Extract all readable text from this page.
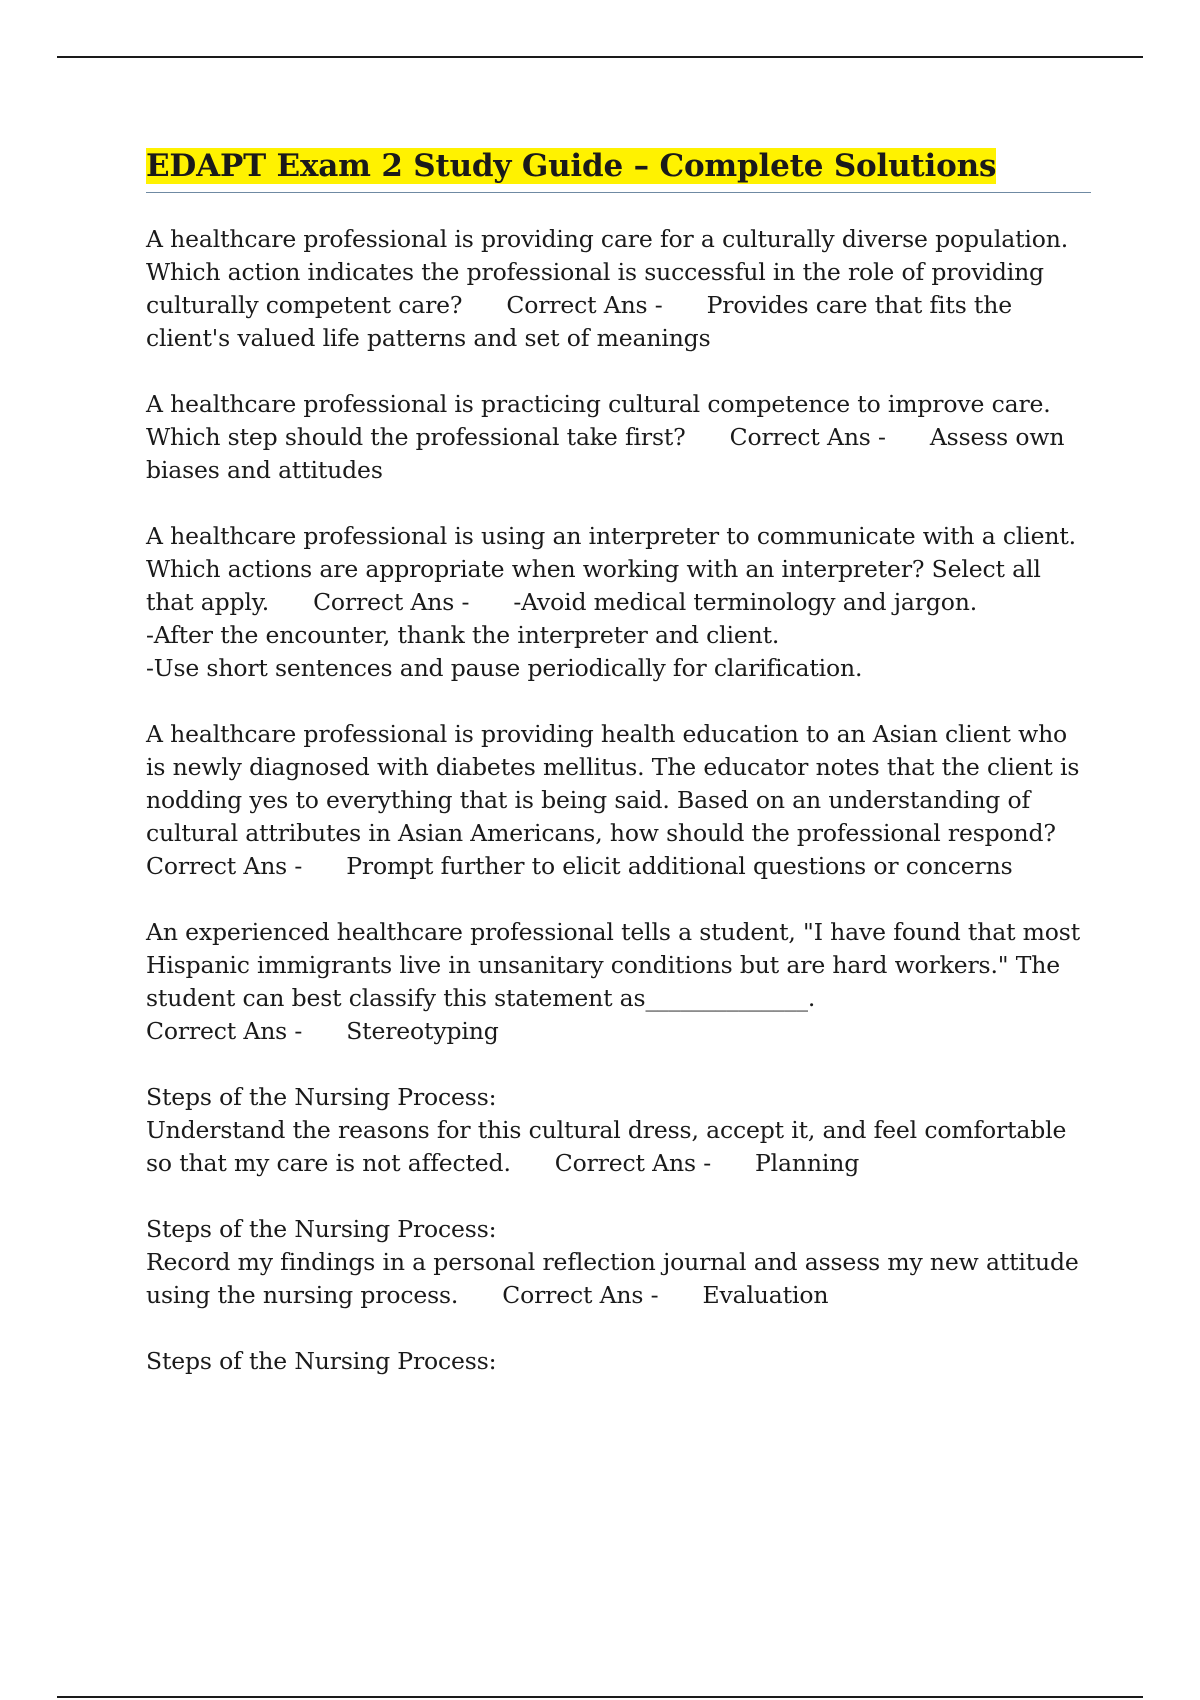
EDAPT Exam 2 Study Guide – Complete Solutions

A healthcare professional is providing care for a culturally diverse population. Which action indicates the professional is successful in the role of providing culturally competent care? Correct Ans - Provides care that fits the client's valued life patterns and set of meanings

A healthcare professional is practicing cultural competence to improve care. Which step should the professional take first? Correct Ans - Assess own biases and attitudes

A healthcare professional is using an interpreter to communicate with a client. Which actions are appropriate when working with an interpreter? Select all that apply. Correct Ans - -Avoid medical terminology and jargon.
-After the encounter, thank the interpreter and client.
-Use short sentences and pause periodically for clarification.

A healthcare professional is providing health education to an Asian client who is newly diagnosed with diabetes mellitus. The educator notes that the client is nodding yes to everything that is being said. Based on an understanding of cultural attributes in Asian Americans, how should the professional respond?
Correct Ans - Prompt further to elicit additional questions or concerns

An experienced healthcare professional tells a student, "I have found that most Hispanic immigrants live in unsanitary conditions but are hard workers." The student can best classify this statement as______________.
Correct Ans - Stereotyping

Steps of the Nursing Process:
Understand the reasons for this cultural dress, accept it, and feel comfortable so that my care is not affected. Correct Ans - Planning

Steps of the Nursing Process:
Record my findings in a personal reflection journal and assess my new attitude using the nursing process. Correct Ans - Evaluation

Steps of the Nursing Process:
